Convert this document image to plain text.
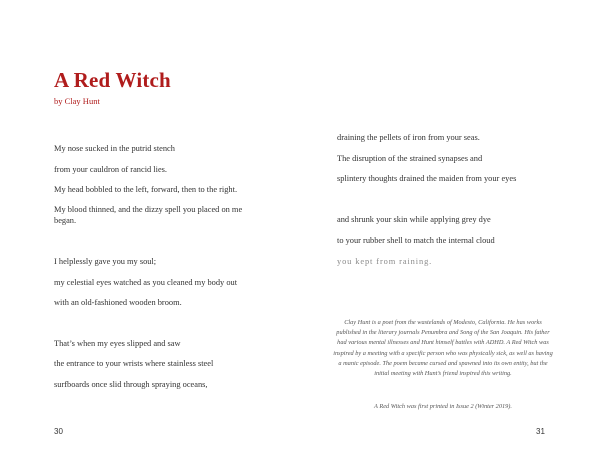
A Red Witch
by Clay Hunt
My nose sucked in the putrid stench
from your cauldron of rancid lies.
My head bobbled to the left, forward, then to the right.
My blood thinned, and the dizzy spell you placed on me
began.
I helplessly gave you my soul;
my celestial eyes watched as you cleaned my body out
with an old-fashioned wooden broom.
That’s when my eyes slipped and saw
the entrance to your wrists where stainless steel
surfboards once slid through spraying oceans,
30
draining the pellets of iron from your seas.
The disruption of the strained synapses and
splintery thoughts drained the maiden from your eyes
and shrunk your skin while applying grey dye
to your rubber shell to match the internal cloud
you kept from raining.
Clay Hunt is a poet from the wastelands of Modesto, California. He has works published in the literary journals Penumbra and Song of the San Joaquin. His father had various mental illnesses and Hunt himself battles with ADHD. A Red Witch was inspired by a meeting with a specific person who was physically sick, as well as having a manic episode. The poem became cursed and spawned into its own entity, but the initial meeting with Hunt’s friend inspired this writing.
A Red Witch was first printed in Issue 2 (Winter 2019).
31
